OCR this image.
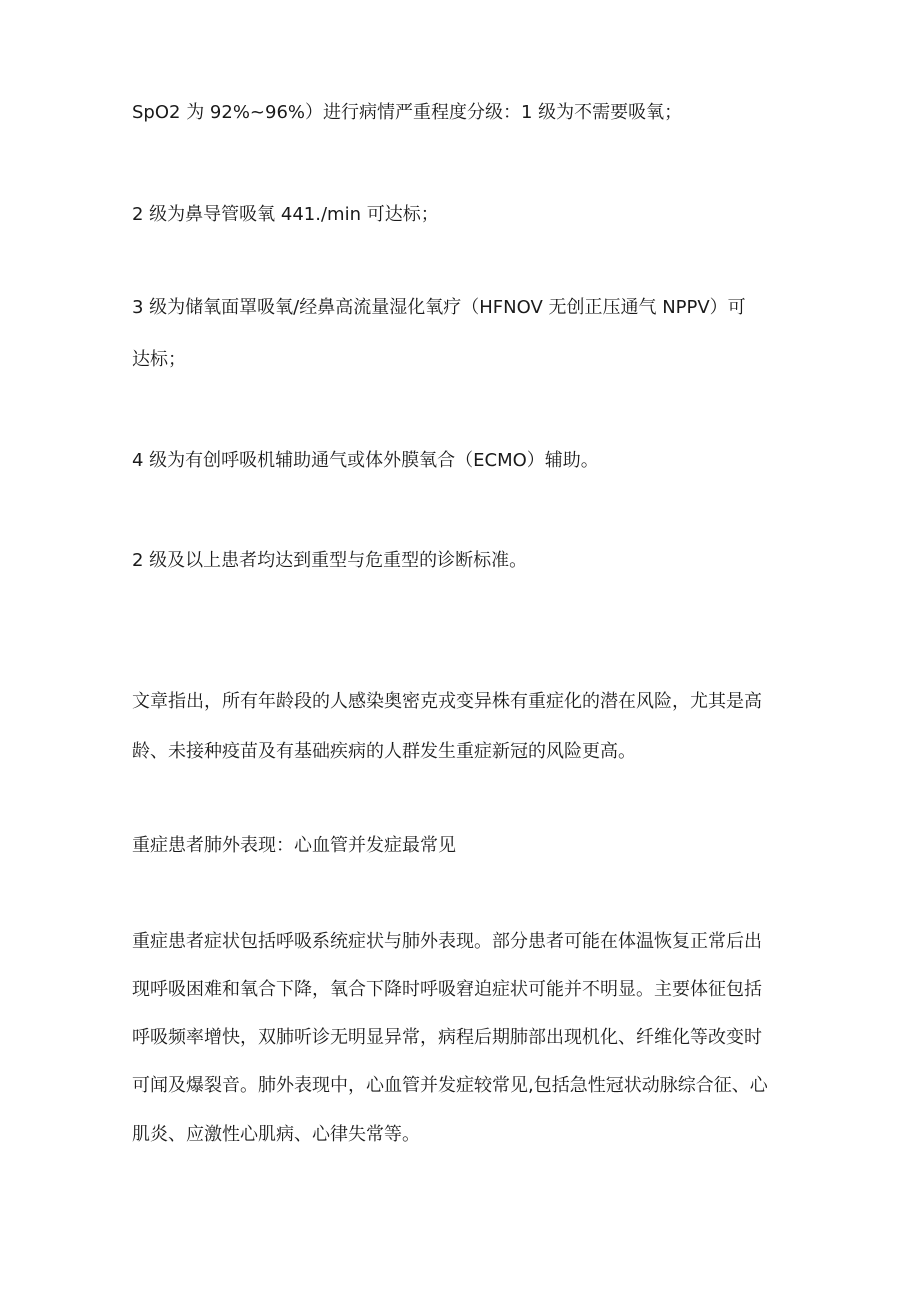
SpO2 为 92%~96%）进行病情严重程度分级：1 级为不需要吸氧；
2 级为鼻导管吸氧 441./min 可达标；
3 级为储氧面罩吸氧/经鼻高流量湿化氧疗（HFNOV 无创正压通气 NPPV）可
达标；
4 级为有创呼吸机辅助通气或体外膜氧合（ECMO）辅助。
2 级及以上患者均达到重型与危重型的诊断标准。
文章指出，所有年龄段的人感染奥密克戎变异株有重症化的潜在风险，尤其是高
龄、未接种疫苗及有基础疾病的人群发生重症新冠的风险更高。
重症患者肺外表现：心血管并发症最常见
重症患者症状包括呼吸系统症状与肺外表现。部分患者可能在体温恢复正常后出
现呼吸困难和氧合下降，氧合下降时呼吸窘迫症状可能并不明显。主要体征包括
呼吸频率增快，双肺听诊无明显异常，病程后期肺部出现机化、纤维化等改变时
可闻及爆裂音。肺外表现中，心血管并发症较常见,包括急性冠状动脉综合征、心
肌炎、应激性心肌病、心律失常等。
